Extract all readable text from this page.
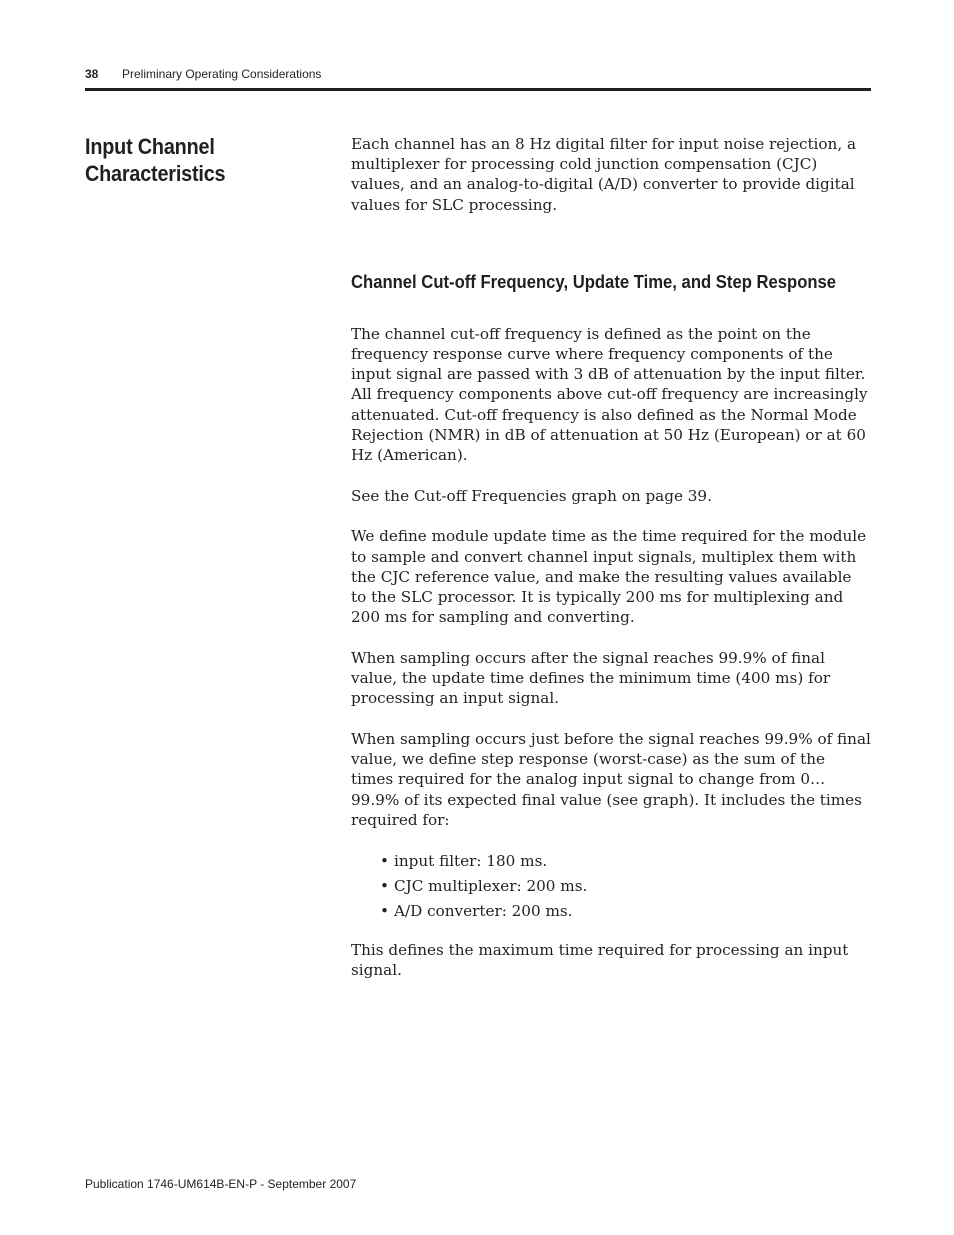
38 Preliminary Operating Considerations
Input Channel
Characteristics

Each channel has an 8 Hz digital filter for input noise rejection, a multiplexer for processing cold junction compensation (CJC) values, and an analog-to-digital (A/D) converter to provide digital values for SLC processing.

Channel Cut-off Frequency, Update Time, and Step Response

The channel cut-off frequency is defined as the point on the frequency response curve where frequency components of the input signal are passed with 3 dB of attenuation by the input filter. All frequency components above cut-off frequency are increasingly attenuated. Cut-off frequency is also defined as the Normal Mode Rejection (NMR) in dB of attenuation at 50 Hz (European) or at 60 Hz (American).

See the Cut-off Frequencies graph on page 39.

We define module update time as the time required for the module to sample and convert channel input signals, multiplex them with the CJC reference value, and make the resulting values available to the SLC processor. It is typically 200 ms for multiplexing and 200 ms for sampling and converting.

When sampling occurs after the signal reaches 99.9% of final value, the update time defines the minimum time (400 ms) for processing an input signal.

When sampling occurs just before the signal reaches 99.9% of final value, we define step response (worst-case) as the sum of the times required for the analog input signal to change from 0…99.9% of its expected final value (see graph). It includes the times required for:

• input filter: 180 ms.
• CJC multiplexer: 200 ms.
• A/D converter: 200 ms.

This defines the maximum time required for processing an input signal.

Publication 1746-UM614B-EN-P - September 2007
